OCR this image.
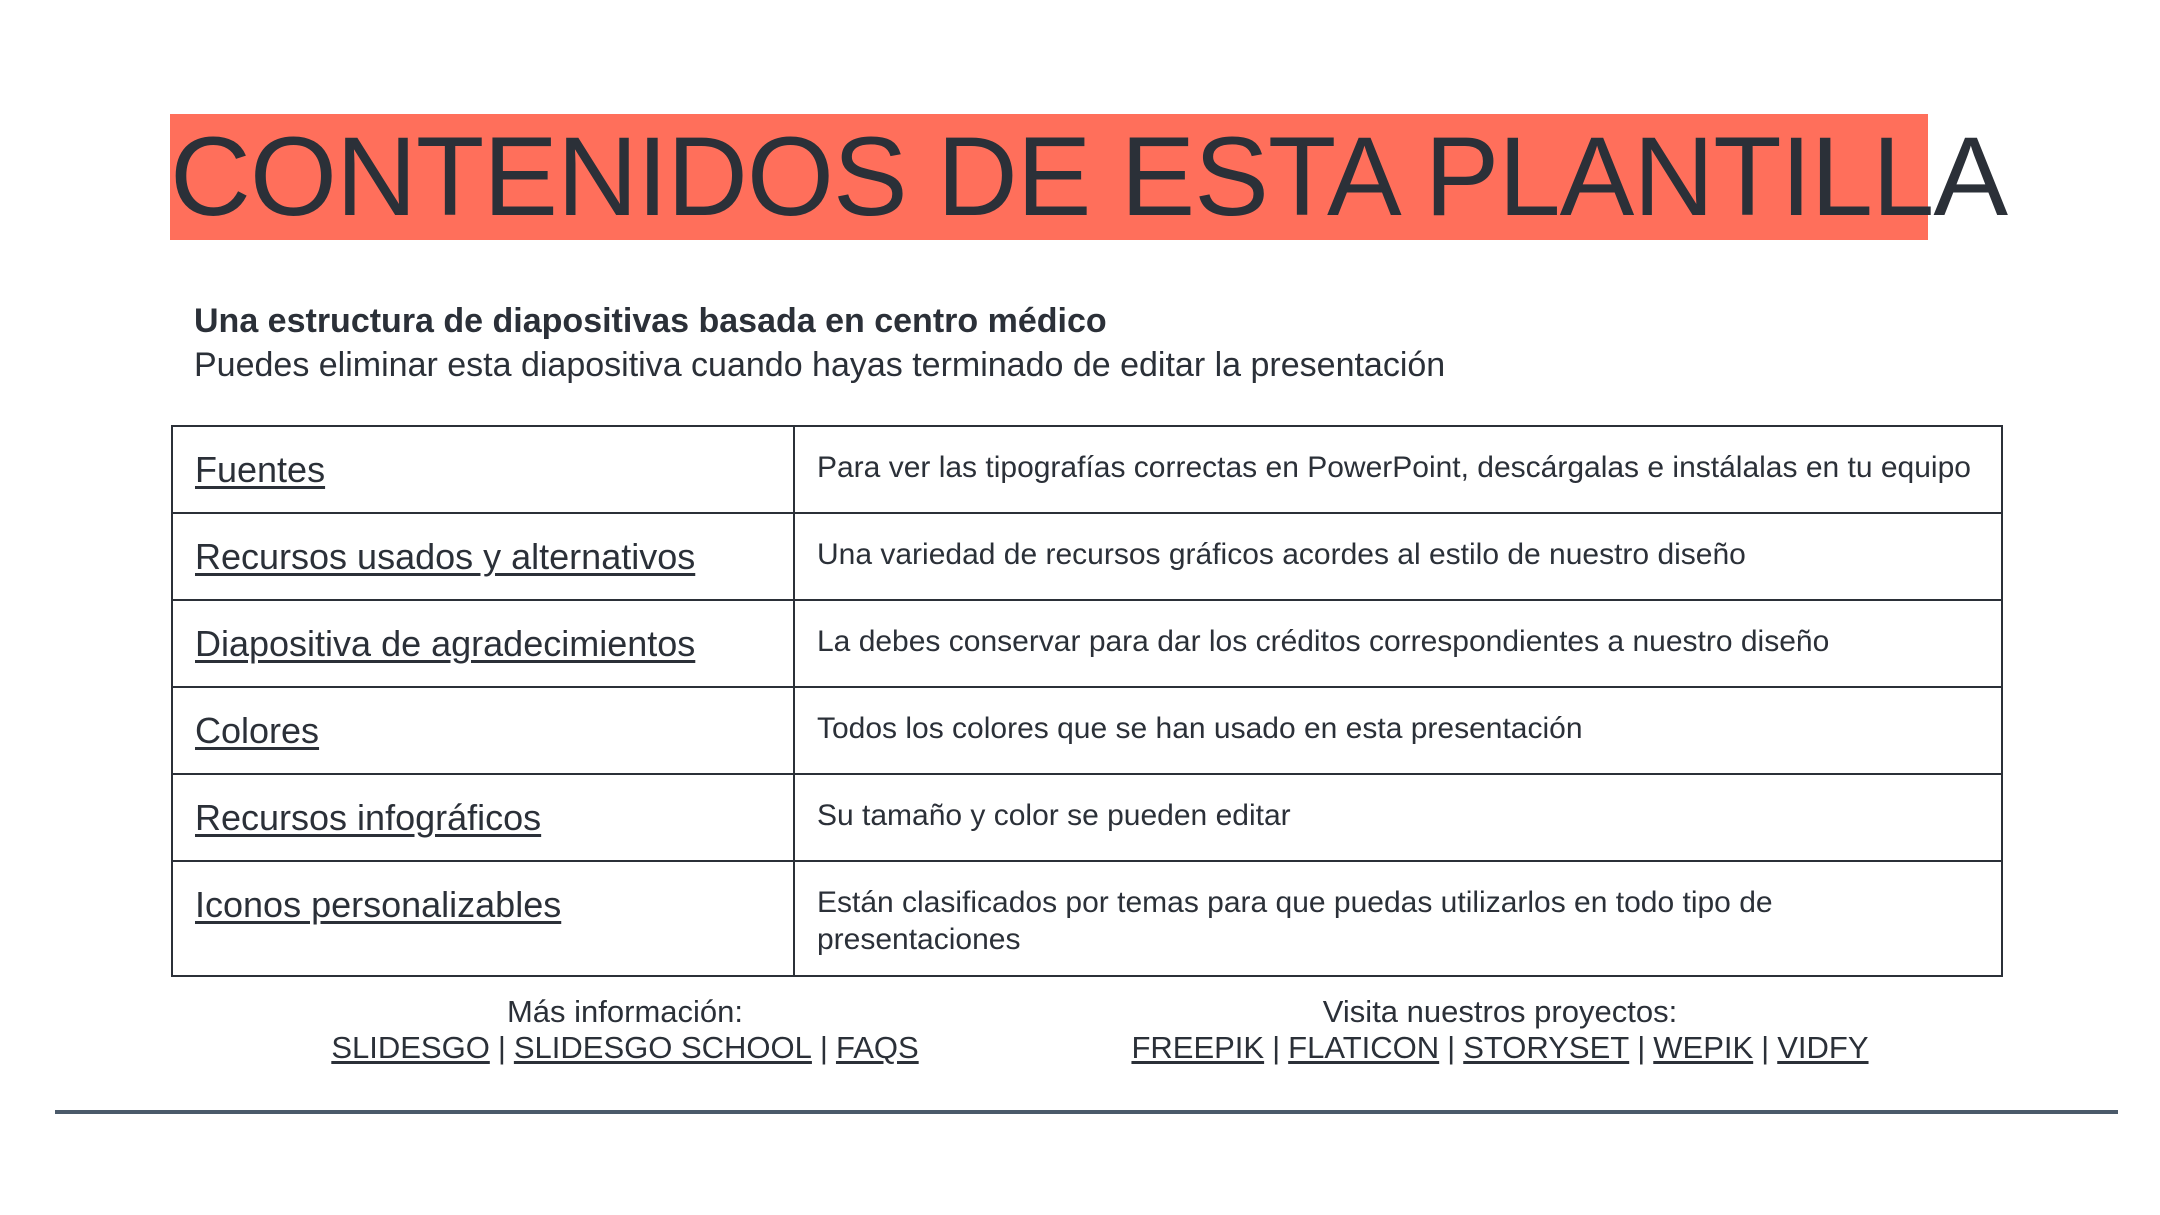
CONTENIDOS DE ESTA PLANTILLA
Una estructura de diapositivas basada en centro médico
Puedes eliminar esta diapositiva cuando hayas terminado de editar la presentación
Fuentes	Para ver las tipografías correctas en PowerPoint, descárgalas e instálalas en tu equipo

Recursos usados y alternativos	Una variedad de recursos gráficos acordes al estilo de nuestro diseño

Diapositiva de agradecimientos	La debes conservar para dar los créditos correspondientes a nuestro diseño

Colores	Todos los colores que se han usado en esta presentación

Recursos infográficos	Su tamaño y color se pueden editar

Iconos personalizables	Están clasificados por temas para que puedas utilizarlos en todo tipo de presentaciones
Más información:
SLIDESGO | SLIDESGO SCHOOL | FAQS
Visita nuestros proyectos:
FREEPIK | FLATICON | STORYSET | WEPIK | VIDFY
